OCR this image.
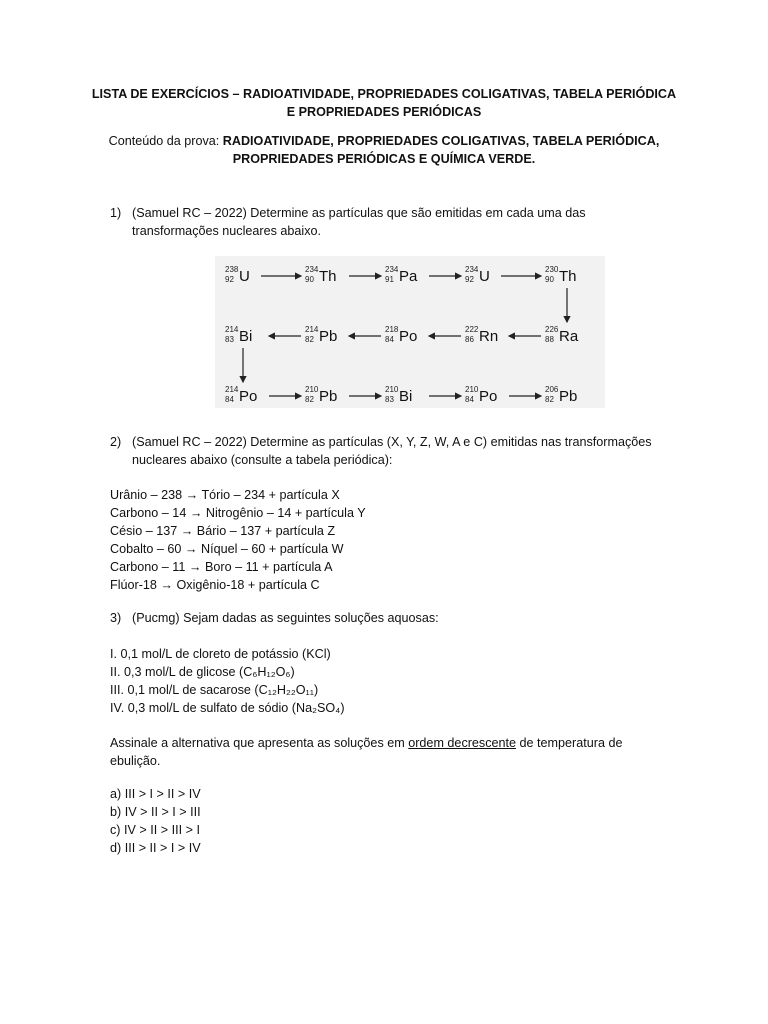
LISTA DE EXERCÍCIOS – RADIOATIVIDADE, PROPRIEDADES COLIGATIVAS, TABELA PERIÓDICA
E PROPRIEDADES PERIÓDICAS
Conteúdo da prova: RADIOATIVIDADE, PROPRIEDADES COLIGATIVAS, TABELA PERIÓDICA,
PROPRIEDADES PERIÓDICAS E QUÍMICA VERDE.
1) (Samuel RC – 2022) Determine as partículas que são emitidas em cada uma das
transformações nucleares abaixo.
238
92 U	234
90 Th	234
91 Pa	234
92 U	230
90 Th
214
83 Bi	214
82 Pb	218
84 Po	222
86 Rn	226
88 Ra
214
84 Po	210
82 Pb	210
83 Bi	210
84 Po	206
82 Pb
2) (Samuel RC – 2022) Determine as partículas (X, Y, Z, W, A e C) emitidas nas transformações
nucleares abaixo (consulte a tabela periódica):
Urânio – 238 → Tório – 234 + partícula X
Carbono – 14 → Nitrogênio – 14 + partícula Y
Césio – 137 → Bário – 137 + partícula Z
Cobalto – 60 → Níquel – 60 + partícula W
Carbono – 11 → Boro – 11 + partícula A
Flúor-18 → Oxigênio-18 + partícula C
3) (Pucmg) Sejam dadas as seguintes soluções aquosas:
I. 0,1 mol/L de cloreto de potássio (KCl)
II. 0,3 mol/L de glicose (C₆H₁₂O₆)
III. 0,1 mol/L de sacarose (C₁₂H₂₂O₁₁)
IV. 0,3 mol/L de sulfato de sódio (Na₂SO₄)
Assinale a alternativa que apresenta as soluções em ordem decrescente de temperatura de
ebulição.
a) III > I > II > IV
b) IV > II > I > III
c) IV > II > III > I
d) III > II > I > IV
